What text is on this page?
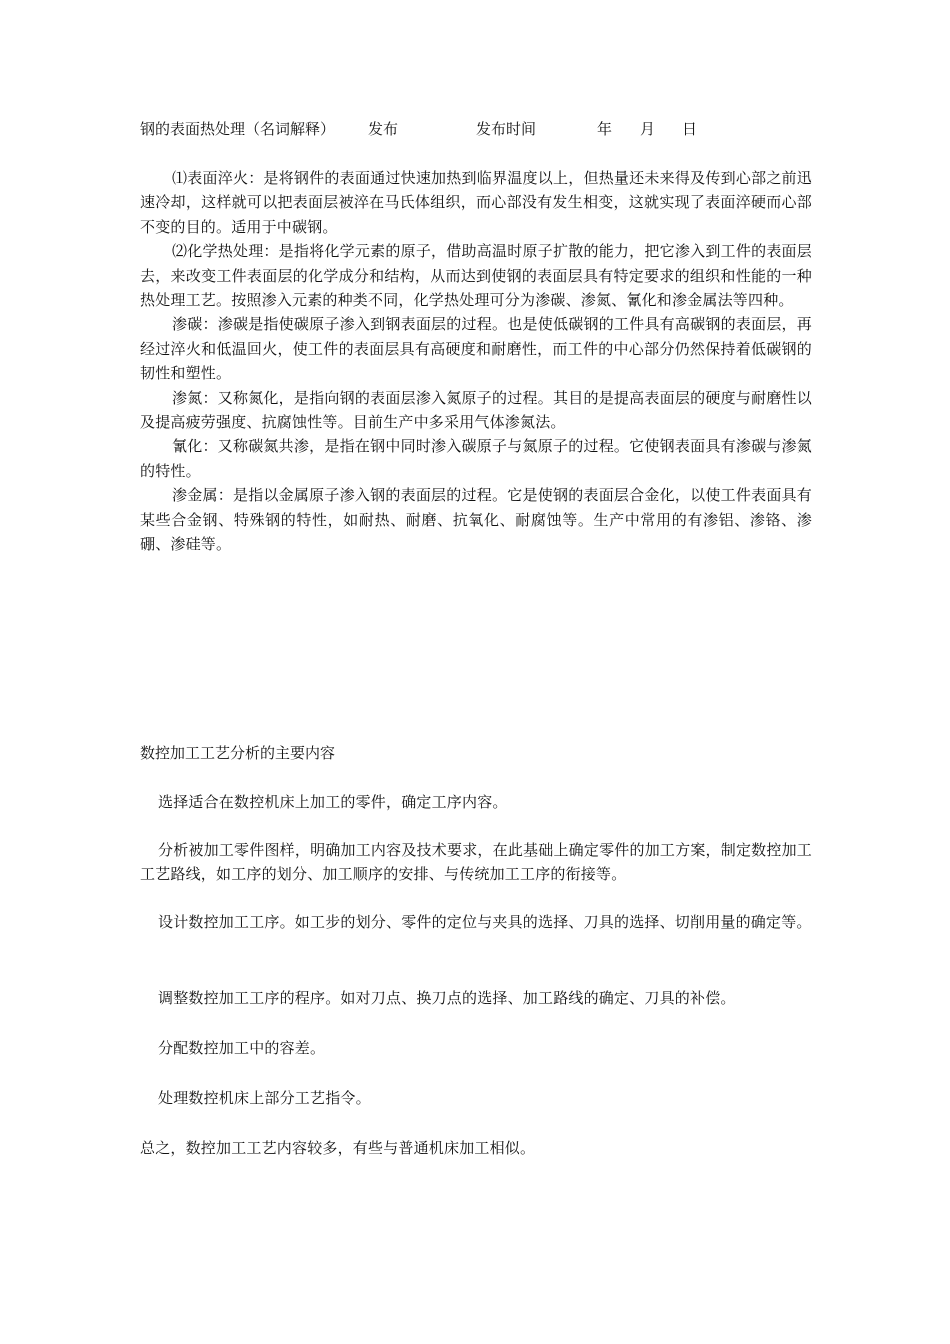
钢的表面热处理（名词解释） 发布	发布时间	年 月 日

⑴表面淬火：是将钢件的表面通过快速加热到临界温度以上，但热量还未来得及传到心部之前迅速冷却，这样就可以把表面层被淬在马氏体组织，而心部没有发生相变，这就实现了表面淬硬而心部不变的目的。适用于中碳钢。

⑵化学热处理：是指将化学元素的原子，借助高温时原子扩散的能力，把它渗入到工件的表面层去，来改变工件表面层的化学成分和结构，从而达到使钢的表面层具有特定要求的组织和性能的一种热处理工艺。按照渗入元素的种类不同，化学热处理可分为渗碳、渗氮、氰化和渗金属法等四种。

渗碳：渗碳是指使碳原子渗入到钢表面层的过程。也是使低碳钢的工件具有高碳钢的表面层，再经过淬火和低温回火，使工件的表面层具有高硬度和耐磨性，而工件的中心部分仍然保持着低碳钢的韧性和塑性。

渗氮：又称氮化，是指向钢的表面层渗入氮原子的过程。其目的是提高表面层的硬度与耐磨性以及提高疲劳强度、抗腐蚀性等。目前生产中多采用气体渗氮法。

氰化：又称碳氮共渗，是指在钢中同时渗入碳原子与氮原子的过程。它使钢表面具有渗碳与渗氮的特性。

渗金属：是指以金属原子渗入钢的表面层的过程。它是使钢的表面层合金化，以使工件表面具有某些合金钢、特殊钢的特性，如耐热、耐磨、抗氧化、耐腐蚀等。生产中常用的有渗铝、渗铬、渗硼、渗硅等。

数控加工工艺分析的主要内容

选择适合在数控机床上加工的零件，确定工序内容。

分析被加工零件图样，明确加工内容及技术要求，在此基础上确定零件的加工方案，制定数控加工工艺路线，如工序的划分、加工顺序的安排、与传统加工工序的衔接等。

设计数控加工工序。如工步的划分、零件的定位与夹具的选择、刀具的选择、切削用量的确定等。

调整数控加工工序的程序。如对刀点、换刀点的选择、加工路线的确定、刀具的补偿。

分配数控加工中的容差。

处理数控机床上部分工艺指令。

总之，数控加工工艺内容较多，有些与普通机床加工相似。
